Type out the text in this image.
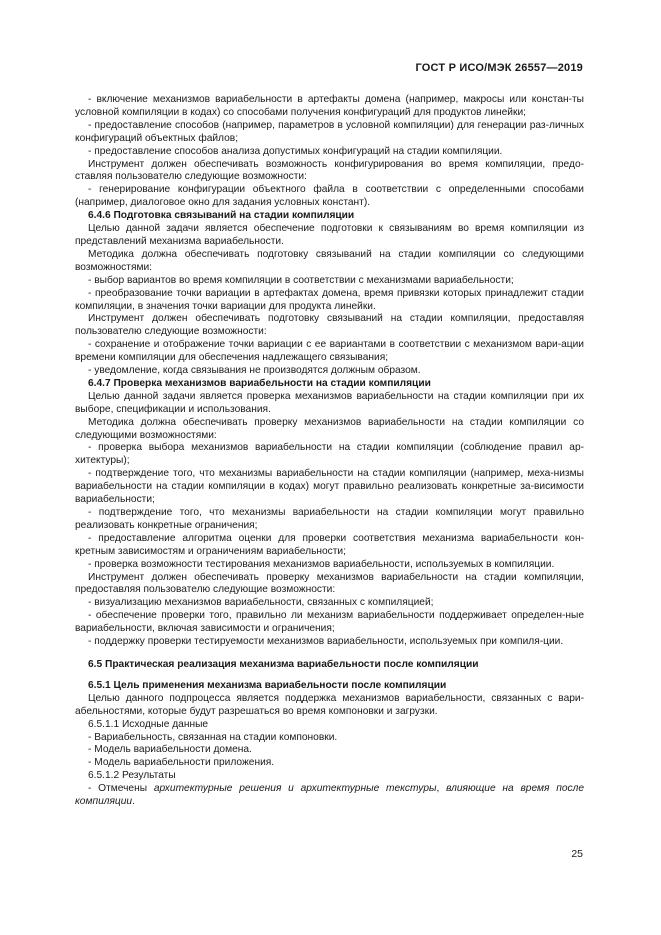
ГОСТ Р ИСО/МЭК 26557—2019

- включение механизмов вариабельности в артефакты домена (например, макросы или констан-ты условной компиляции в кодах) со способами получения конфигураций для продуктов линейки;

- предоставление способов (например, параметров в условной компиляции) для генерации раз-личных конфигураций объектных файлов;

- предоставление способов анализа допустимых конфигураций на стадии компиляции.

Инструмент должен обеспечивать возможность конфигурирования во время компиляции, предо-ставляя пользователю следующие возможности:

- генерирование конфигурации объектного файла в соответствии с определенными способами (например, диалоговое окно для задания условных констант).

6.4.6 Подготовка связываний на стадии компиляции

Целью данной задачи является обеспечение подготовки к связываниям во время компиляции из представлений механизма вариабельности.

Методика должна обеспечивать подготовку связываний на стадии компиляции со следующими возможностями:

- выбор вариантов во время компиляции в соответствии с механизмами вариабельности;

- преобразование точки вариации в артефактах домена, время привязки которых принадлежит стадии компиляции, в значения точки вариации для продукта линейки.

Инструмент должен обеспечивать подготовку связываний на стадии компиляции, предоставляя пользователю следующие возможности:

- сохранение и отображение точки вариации с ее вариантами в соответствии с механизмом вари-ации времени компиляции для обеспечения надлежащего связывания;

- уведомление, когда связывания не производятся должным образом.

6.4.7 Проверка механизмов вариабельности на стадии компиляции

Целью данной задачи является проверка механизмов вариабельности на стадии компиляции при их выборе, спецификации и использования.

Методика должна обеспечивать проверку механизмов вариабельности на стадии компиляции со следующими возможностями:

- проверка выбора механизмов вариабельности на стадии компиляции (соблюдение правил ар-хитектуры);

- подтверждение того, что механизмы вариабельности на стадии компиляции (например, меха-низмы вариабельности на стадии компиляции в кодах) могут правильно реализовать конкретные за-висимости вариабельности;

- подтверждение того, что механизмы вариабельности на стадии компиляции могут правильно реализовать конкретные ограничения;

- предоставление алгоритма оценки для проверки соответствия механизма вариабельности кон-кретным зависимостям и ограничениям вариабельности;

- проверка возможности тестирования механизмов вариабельности, используемых в компиляции.

Инструмент должен обеспечивать проверку механизмов вариабельности на стадии компиляции, предоставляя пользователю следующие возможности:

- визуализацию механизмов вариабельности, связанных с компиляцией;

- обеспечение проверки того, правильно ли механизм вариабельности поддерживает определен-ные вариабельности, включая зависимости и ограничения;

- поддержку проверки тестируемости механизмов вариабельности, используемых при компиля-ции.

6.5 Практическая реализация механизма вариабельности после компиляции

6.5.1 Цель применения механизма вариабельности после компиляции

Целью данного подпроцесса является поддержка механизмов вариабельности, связанных с вари-абельностями, которые будут разрешаться во время компоновки и загрузки.

6.5.1.1 Исходные данные

- Вариабельность, связанная на стадии компоновки.

- Модель вариабельности домена.

- Модель вариабельности приложения.

6.5.1.2 Результаты

- Отмечены архитектурные решения и архитектурные текстуры, влияющие на время после компиляции.

25
